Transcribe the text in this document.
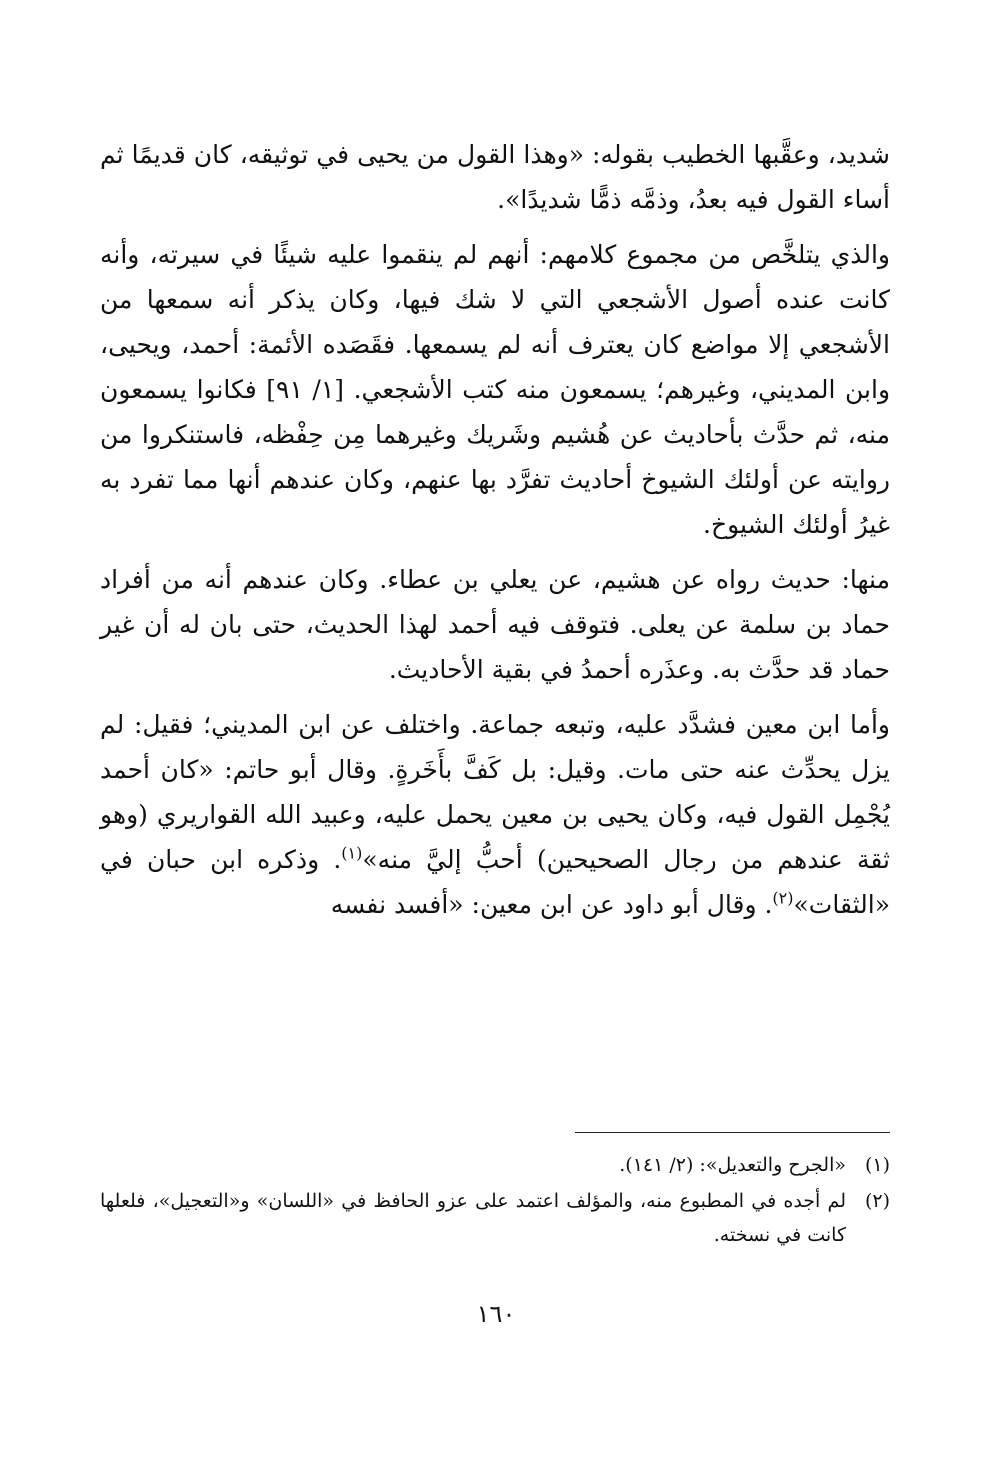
شديد، وعقَّبها الخطيب بقوله: «وهذا القول من يحيى في توثيقه، كان قديمًا ثم أساء القول فيه بعدُ، وذمَّه ذمًّا شديدًا».

والذي يتلخَّص من مجموع كلامهم: أنهم لم ينقموا عليه شيئًا في سيرته، وأنه كانت عنده أصول الأشجعي التي لا شك فيها، وكان يذكر أنه سمعها من الأشجعي إلا مواضع كان يعترف أنه لم يسمعها. فقَصَده الأئمة: أحمد، ويحيى، وابن المديني، وغيرهم؛ يسمعون منه كتب الأشجعي. [١/ ٩١] فكانوا يسمعون منه، ثم حدَّث بأحاديث عن هُشيم وشَريك وغيرهما مِن حِفْظه، فاستنكروا من روايته عن أولئك الشيوخ أحاديث تفرَّد بها عنهم، وكان عندهم أنها مما تفرد به غيرُ أولئك الشيوخ.

منها: حديث رواه عن هشيم، عن يعلي بن عطاء. وكان عندهم أنه من أفراد حماد بن سلمة عن يعلى. فتوقف فيه أحمد لهذا الحديث، حتى بان له أن غير حماد قد حدَّث به. وعذَره أحمدُ في بقية الأحاديث.

وأما ابن معين فشدَّد عليه، وتبعه جماعة. واختلف عن ابن المديني؛ فقيل: لم يزل يحدِّث عنه حتى مات. وقيل: بل كَفَّ بأَخَرةٍ. وقال أبو حاتم: «كان أحمد يُجْمِل القول فيه، وكان يحيى بن معين يحمل عليه، وعبيد الله القواريري (وهو ثقة عندهم من رجال الصحيحين) أحبُّ إليَّ منه»$^{(١)}$. وذكره ابن حبان في «الثقات»$^{(٢)}$. وقال أبو داود عن ابن معين: «أفسد نفسه

(١)
«الجرح والتعديل»: (٢/ ١٤١).
(٢)
لم أجده في المطبوع منه، والمؤلف اعتمد على عزو الحافظ في «اللسان» و«التعجيل»، فلعلها كانت في نسخته.
١٦٠
